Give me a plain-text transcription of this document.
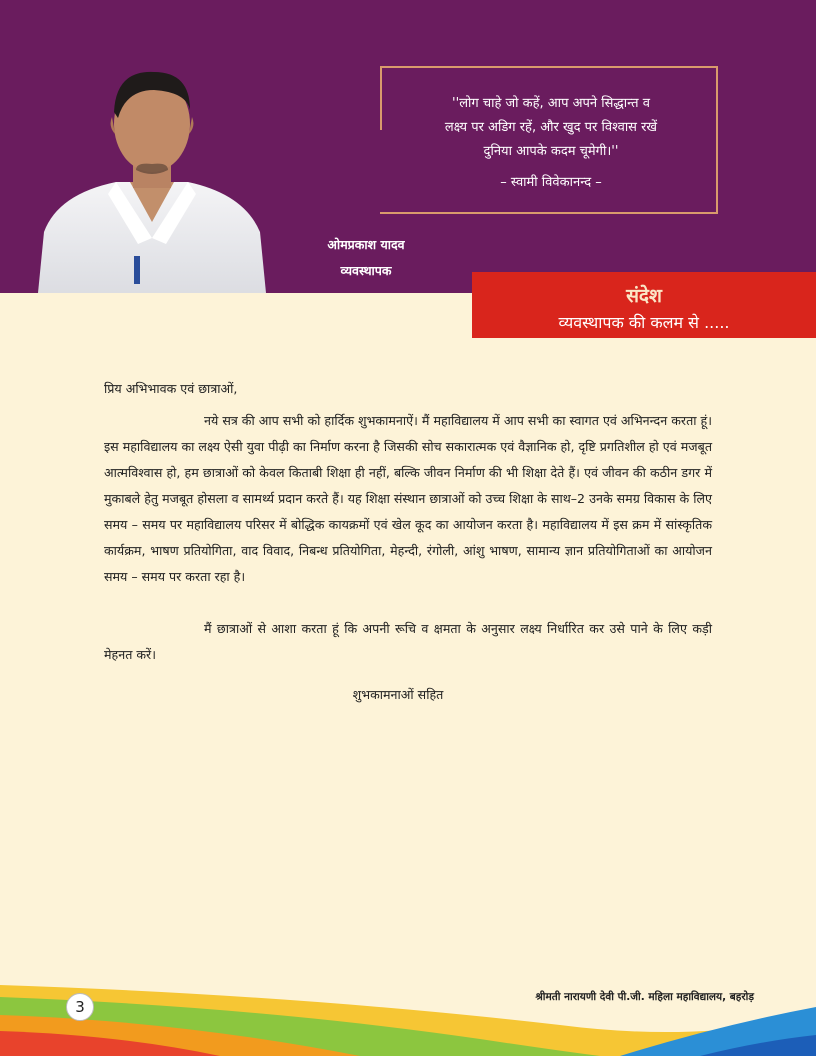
''लोग चाहे जो कहें, आप अपने सिद्धान्त व
लक्ष्य पर अडिग रहें, और खुद पर विश्वास रखें
दुनिया आपके कदम चूमेगी।''
– स्वामी विवेकानन्द –
ओमप्रकाश यादव
व्यवस्थापक
संदेश
व्यवस्थापक की कलम से .....

प्रिय अभिभावक एवं छात्राओं,

नये सत्र की आप सभी को हार्दिक शुभकामनाऐं। मैं महाविद्यालय में आप सभी का स्वागत एवं अभिनन्दन करता हूं। इस महाविद्यालय का लक्ष्य ऐसी युवा पीढ़ी का निर्माण करना है जिसकी सोच सकारात्मक एवं वैज्ञानिक हो, दृष्टि प्रगतिशील हो एवं मजबूत आत्मविश्वास हो, हम छात्राओं को केवल किताबी शिक्षा ही नहीं, बल्कि जीवन निर्माण की भी शिक्षा देते हैं। एवं जीवन की कठीन डगर में मुकाबले हेतु मजबूत होसला व सामर्थ्य प्रदान करते हैं। यह शिक्षा संस्थान छात्राओं को उच्च शिक्षा के साथ–2 उनके समग्र विकास के लिए समय – समय पर महाविद्यालय परिसर में बोद्धिक कायक्रमों एवं खेल कूद का आयोजन करता है। महाविद्यालय में इस क्रम में सांस्कृतिक कार्यक्रम, भाषण प्रतियोगिता, वाद विवाद, निबन्ध प्रतियोगिता, मेहन्दी, रंगोली, आंशु भाषण, सामान्य ज्ञान प्रतियोगिताओं का आयोजन समय – समय पर करता रहा है।

मैं छात्राओं से आशा करता हूं कि अपनी रूचि व क्षमता के अनुसार लक्ष्य निर्धारित कर उसे पाने के लिए कड़ी मेहनत करें।

शुभकामनाओं सहित

श्रीमती नारायणी देवी पी.जी. महिला महाविद्यालय, बहरोड़
3
